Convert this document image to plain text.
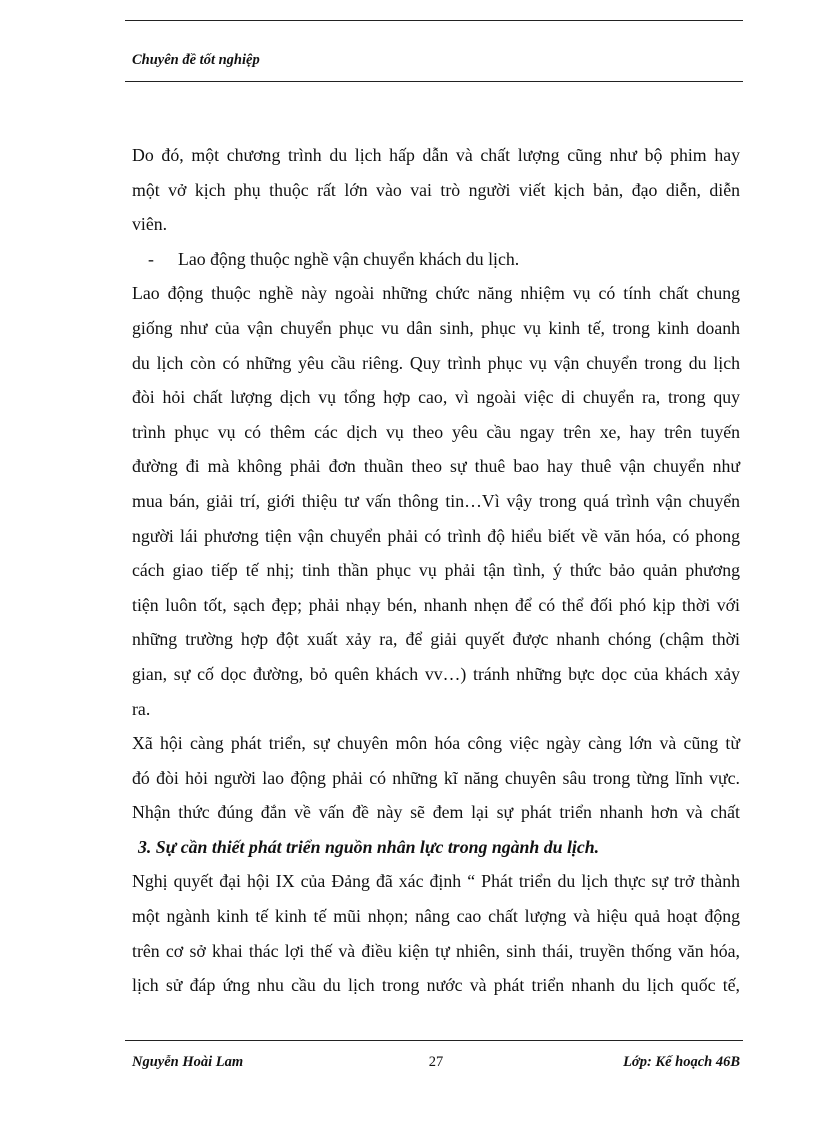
Chuyên đề tốt nghiệp
Do đó, một chương trình du lịch hấp dẫn và chất lượng cũng như bộ phim hay
một vở kịch phụ thuộc rất lớn vào vai trò người viết kịch bản, đạo diễn, diễn
viên.
- Lao động thuộc nghề vận chuyển khách du lịch.
Lao động thuộc nghề này ngoài những chức năng nhiệm vụ có tính chất chung
giống như của vận chuyển phục vu dân sinh, phục vụ kinh tế, trong kinh doanh
du lịch còn có những yêu cầu riêng. Quy trình phục vụ vận chuyển trong du lịch
đòi hỏi chất lượng dịch vụ tổng hợp cao, vì ngoài việc di chuyển ra, trong quy
trình phục vụ có thêm các dịch vụ theo yêu cầu ngay trên xe, hay trên tuyến
đường đi mà không phải đơn thuần theo sự thuê bao hay thuê vận chuyển như
mua bán, giải trí, giới thiệu tư vấn thông tin…Vì vậy trong quá trình vận chuyển
người lái phương tiện vận chuyển phải có trình độ hiểu biết về văn hóa, có phong
cách giao tiếp tế nhị; tinh thần phục vụ phải tận tình, ý thức bảo quản phương
tiện luôn tốt, sạch đẹp; phải nhạy bén, nhanh nhẹn để có thể đối phó kịp thời với
những trường hợp đột xuất xảy ra, để giải quyết được nhanh chóng (chậm thời
gian, sự cố dọc đường, bỏ quên khách vv…) tránh những bực dọc của khách xảy
ra.
Xã hội càng phát triển, sự chuyên môn hóa công việc ngày càng lớn và cũng từ
đó đòi hỏi người lao động phải có những kĩ năng chuyên sâu trong từng lĩnh vực.
Nhận thức đúng đắn về vấn đề này sẽ đem lại sự phát triển nhanh hơn và chất
3. Sự cần thiết phát triển nguồn nhân lực trong ngành du lịch.
Nghị quyết đại hội IX của Đảng đã xác định “ Phát triển du lịch thực sự trở thành
một ngành kinh tế kinh tế mũi nhọn; nâng cao chất lượng và hiệu quả hoạt động
trên cơ sở khai thác lợi thế và điều kiện tự nhiên, sinh thái, truyền thống văn hóa,
lịch sử đáp ứng nhu cầu du lịch trong nước và phát triển nhanh du lịch quốc tế,
Nguyễn Hoài Lam	27	Lớp: Kế hoạch 46B
